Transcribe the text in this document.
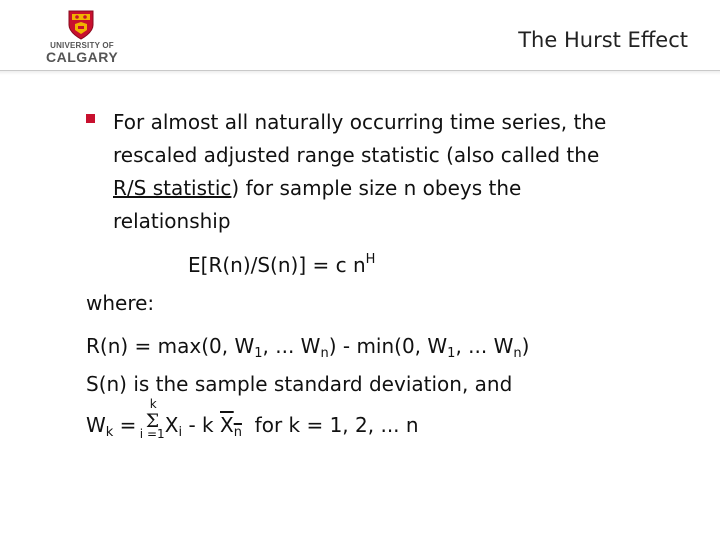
UNIVERSITY OF
CALGARY
The Hurst Effect
For almost all naturally occurring time series, the
rescaled adjusted range statistic (also called the
R/S statistic) for sample size n obeys the
relationship
E[R(n)/S(n)] = c $n^H$
where:
R(n) = max(0, $W_1$, ... $W_n) - \min(0$, $W_1$, ... $W_n$)
S(n) is the sample standard deviation, and
$W_k$ =
k
Σ
i =1 $X_i$ - k $X_n$  for k = 1, 2, ... n
